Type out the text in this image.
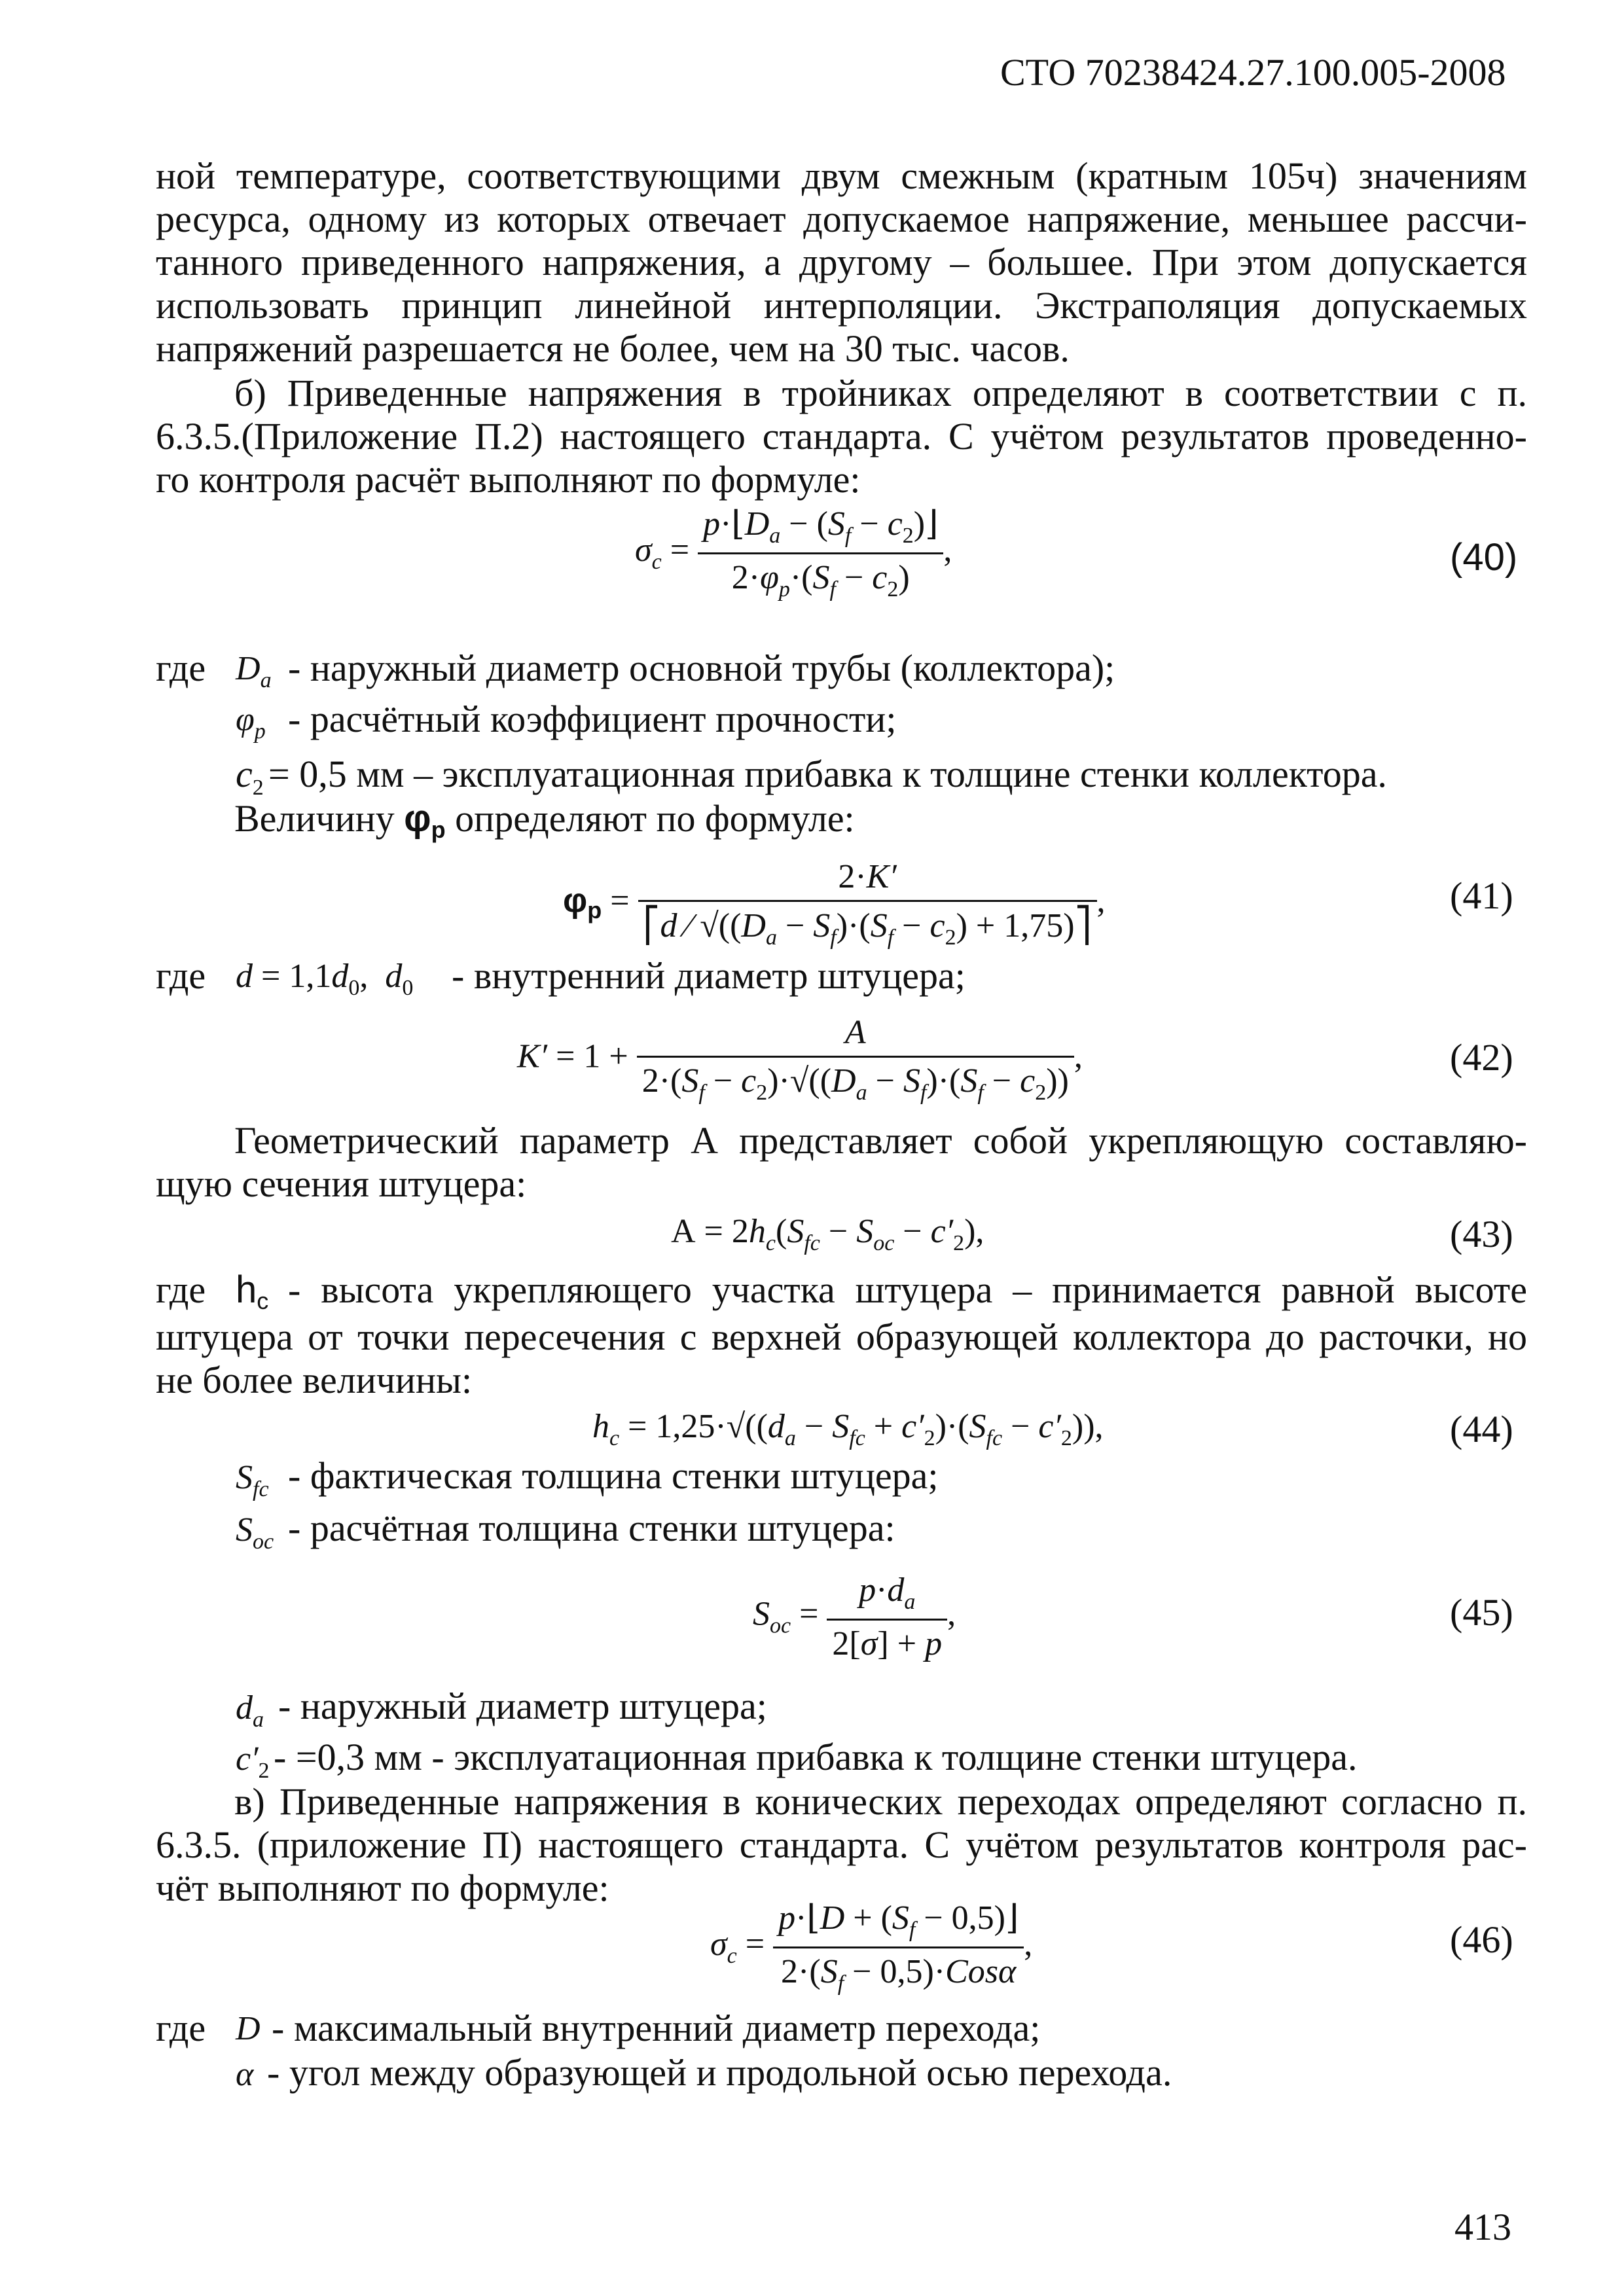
СТО 70238424.27.100.005-2008
ной температуре, соответствующими двум смежным (кратным 105ч) значениям
ресурса, одному из которых отвечает допускаемое напряжение, меньшее рассчи-
танного приведенного напряжения, а другому – большее. При этом допускается
использовать принцип линейной интерполяции. Экстраполяция допускаемых
напряжений разрешается не более, чем на 30 тыс. часов.
б) Приведенные напряжения в тройниках определяют в соответствии с п.
6.3.5.(Приложение П.2) настоящего стандарта. С учётом результатов проведенно-
го контроля расчёт выполняют по формуле:
$\sigma_c = \frac{p\cdot⌊D_a - (S_f - c_2)⌋}{2\cdot\varphi_p\cdot(S_f - c_2)}$ ,	(40)
где $D_a$ - наружный диаметр основной трубы (коллектора);
$\varphi_p$ - расчётный коэффициент прочности;
$c_2 = 0,5$ мм – эксплуатационная прибавка к толщине стенки коллектора.
Величину φp определяют по формуле:
$\varphi p = \frac{2\cdot K'}{⎡d ⁄ √((D_a - S_f)\cdot(S_f - c_2) + 1,75)⎤}$ ,	(41)
где $d = 1,1d_0$,  $d_0$ - внутренний диаметр штуцера;
$K' = 1 + \frac{A}{2\cdot(S_f - c_2)\cdot√((D_a - S_f)\cdot(S_f - c_2))}$ ,	(42)
Геометрический параметр А представляет собой укрепляющую составляю-
щую сечения штуцера:
$А = 2h_c(S_{fc} - S_{oc} - c'_2)$,	(43)
где hc - высота укрепляющего участка штуцера – принимается равной высоте
штуцера от точки пересечения с верхней образующей коллектора до расточки, но
не более величины:
$h_c = 1,25\cdot√((d_a - S_{fc} + c'_2)\cdot(S_{fc} - c'_2))$,	(44)
$S_{fc}$ - фактическая толщина стенки штуцера;
$S_{oc}$ - расчётная толщина стенки штуцера:
$S_{oc} = \frac{p\cdot d_a}{2[\sigma] + p}$ ,	(45)
$d_a$ - наружный диаметр штуцера;
$c'_2 - =0,3$ мм - эксплуатационная прибавка к толщине стенки штуцера.
в) Приведенные напряжения в конических переходах определяют согласно п.
6.3.5. (приложение П) настоящего стандарта. С учётом результатов контроля рас-
чёт выполняют по формуле:
$\sigma_c = \frac{p\cdot⌊D + (S_f - 0,5)⌋}{2\cdot(S_f - 0,5)\cdot Cos\alpha}$ ,	(46)
где D - максимальный внутренний диаметр перехода;
α - угол между образующей и продольной осью перехода.
413
